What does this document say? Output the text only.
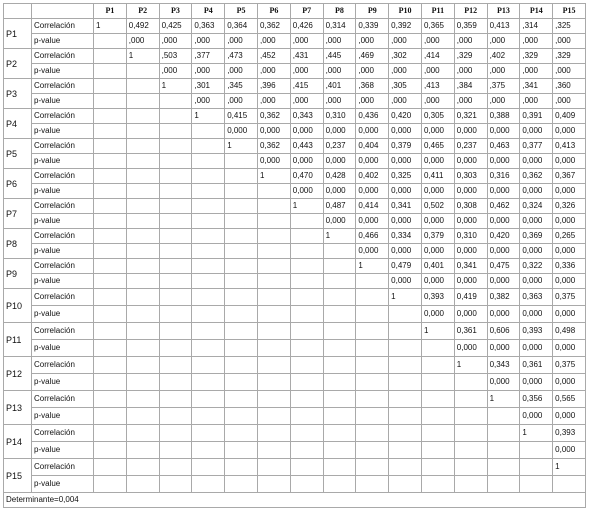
		P1	P2	P3	P4	P5	P6	P7	P8	P9	P10	P11	P12	P13	P14	P15
P1	Correlación	1	0,492	0,425	0,363	0,364	0,362	0,426	0,314	0,339	0,392	0,365	0,359	0,413	,314	,325
	p-value		,000	,000	,000	,000	,000	,000	,000	,000	,000	,000	,000	,000	,000	,000
P2	Correlación		1	,503	,377	,473	,452	,431	,445	,469	,302	,414	,329	,402	,329	,329
	p-value			,000	,000	,000	,000	,000	,000	,000	,000	,000	,000	,000	,000	,000
P3	Correlación			1	,301	,345	,396	,415	,401	,368	,305	,413	,384	,375	,341	,360
	p-value				,000	,000	,000	,000	,000	,000	,000	,000	,000	,000	,000	,000
P4	Correlación				1	0,415	0,362	0,343	0,310	0,436	0,420	0,305	0,321	0,388	0,391	0,409
	p-value					0,000	0,000	0,000	0,000	0,000	0,000	0,000	0,000	0,000	0,000	0,000
P5	Correlación					1	0,362	0,443	0,237	0,404	0,379	0,465	0,237	0,463	0,377	0,413
	p-value						0,000	0,000	0,000	0,000	0,000	0,000	0,000	0,000	0,000	0,000
P6	Correlación						1	0,470	0,428	0,402	0,325	0,411	0,303	0,316	0,362	0,367
	p-value							0,000	0,000	0,000	0,000	0,000	0,000	0,000	0,000	0,000
P7	Correlación							1	0,487	0,414	0,341	0,502	0,308	0,462	0,324	0,326
	p-value								0,000	0,000	0,000	0,000	0,000	0,000	0,000	0,000
P8	Correlación								1	0,466	0,334	0,379	0,310	0,420	0,369	0,265
	p-value									0,000	0,000	0,000	0,000	0,000	0,000	0,000
P9	Correlación									1	0,479	0,401	0,341	0,475	0,322	0,336
	p-value										0,000	0,000	0,000	0,000	0,000	0,000
P10	Correlación										1	0,393	0,419	0,382	0,363	0,375
	p-value											0,000	0,000	0,000	0,000	0,000
P11	Correlación											1	0,361	0,606	0,393	0,498
	p-value												0,000	0,000	0,000	0,000
P12	Correlación												1	0,343	0,361	0,375
	p-value													0,000	0,000	0,000
P13	Correlación													1	0,356	0,565
	p-value														0,000	0,000
P14	Correlación														1	0,393
	p-value															0,000
P15	Correlación															1
	p-value															
Determinante=0,004																
